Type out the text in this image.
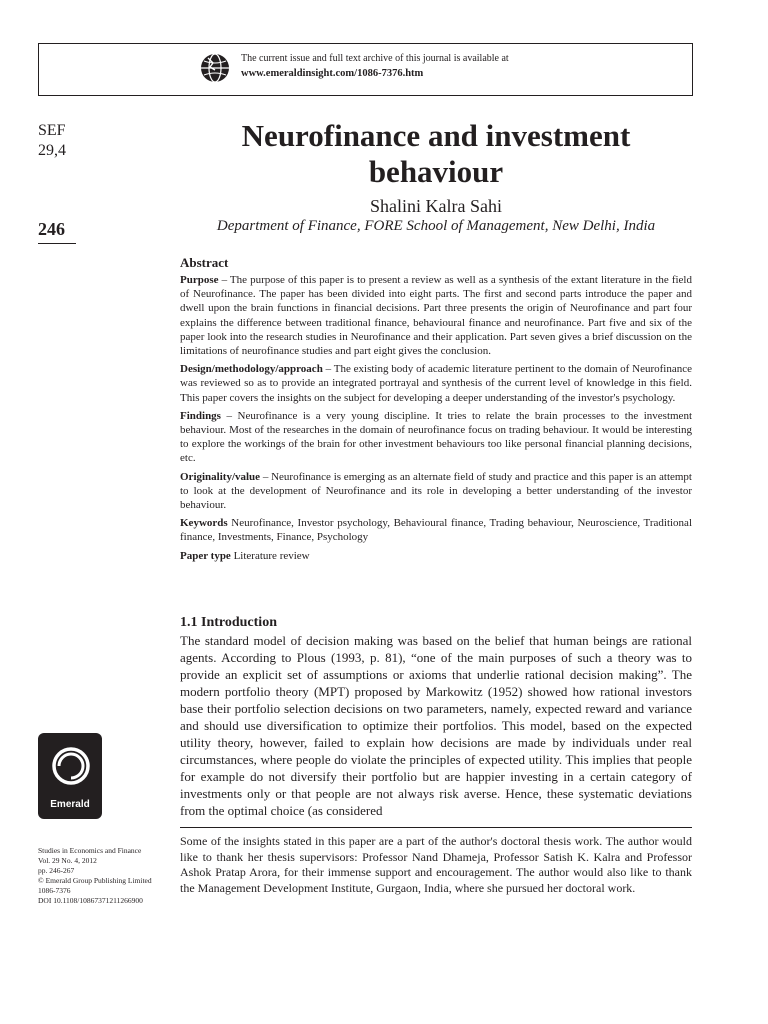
The current issue and full text archive of this journal is available at
www.emeraldinsight.com/1086-7376.htm
SEF
29,4
246
Neurofinance and investment
behaviour
Shalini Kalra Sahi
Department of Finance, FORE School of Management, New Delhi, India
Abstract

Purpose – The purpose of this paper is to present a review as well as a synthesis of the extant literature in the field of Neurofinance. The paper has been divided into eight parts. The first and second parts introduce the paper and dwell upon the brain functions in financial decisions. Part three presents the origin of Neurofinance and part four explains the difference between traditional finance, behavioural finance and neurofinance. Part five and six of the paper look into the research studies in Neurofinance and their application. Part seven gives a brief discussion on the limitations of neurofinance studies and part eight gives the conclusion.

Design/methodology/approach – The existing body of academic literature pertinent to the domain of Neurofinance was reviewed so as to provide an integrated portrayal and synthesis of the current level of knowledge in this field. This paper covers the insights on the subject for developing a deeper understanding of the investor's psychology.

Findings – Neurofinance is a very young discipline. It tries to relate the brain processes to the investment behaviour. Most of the researches in the domain of neurofinance focus on trading behaviour. It would be interesting to explore the workings of the brain for other investment behaviours too like personal financial planning decisions, etc.

Originality/value – Neurofinance is emerging as an alternate field of study and practice and this paper is an attempt to look at the development of Neurofinance and its role in developing a better understanding of the investor behaviour.

Keywords Neurofinance, Investor psychology, Behavioural finance, Trading behaviour, Neuroscience, Traditional finance, Investments, Finance, Psychology

Paper type Literature review

1.1 Introduction

The standard model of decision making was based on the belief that human beings are rational agents. According to Plous (1993, p. 81), “one of the main purposes of such a theory was to provide an explicit set of assumptions or axioms that underlie rational decision making”. The modern portfolio theory (MPT) proposed by Markowitz (1952) showed how rational investors base their portfolio selection decisions on two parameters, namely, expected reward and variance and should use diversification to optimize their portfolios. This model, based on the expected utility theory, however, failed to explain how decisions are made by individuals under real circumstances, where people do violate the principles of expected utility. This implies that people for example do not diversify their portfolio but are happier investing in a certain category of investments only or that people are not always risk averse. Hence, these systematic deviations from the optimal choice (as considered

Emerald

Some of the insights stated in this paper are a part of the author's doctoral thesis work. The author would like to thank her thesis supervisors: Professor Nand Dhameja, Professor Satish K. Kalra and Professor Ashok Pratap Arora, for their immense support and encouragement. The author would also like to thank the Management Development Institute, Gurgaon, India, where she pursued her doctoral work.

Studies in Economics and Finance
Vol. 29 No. 4, 2012
pp. 246-267
© Emerald Group Publishing Limited
1086-7376
DOI 10.1108/10867371211266900
